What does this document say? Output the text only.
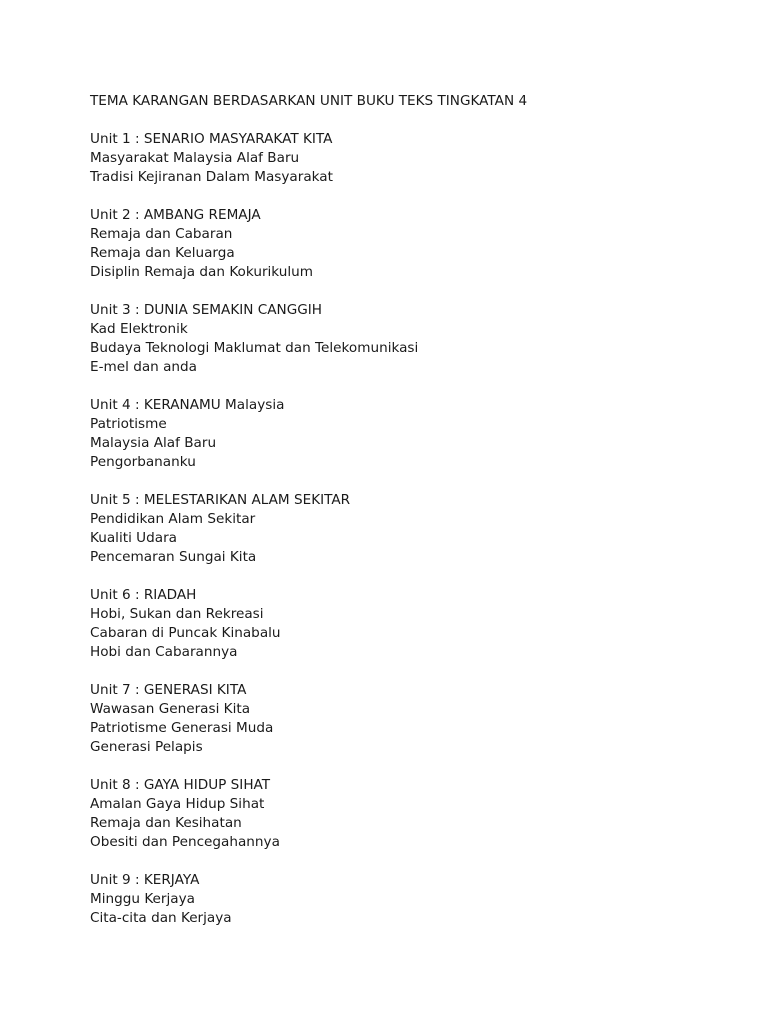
TEMA KARANGAN BERDASARKAN UNIT BUKU TEKS TINGKATAN 4
Unit 1 : SENARIO MASYARAKAT KITA

Masyarakat Malaysia Alaf Baru

Tradisi Kejiranan Dalam Masyarakat

Unit 2 : AMBANG REMAJA

Remaja dan Cabaran

Remaja dan Keluarga

Disiplin Remaja dan Kokurikulum

Unit 3 : DUNIA SEMAKIN CANGGIH

Kad Elektronik

Budaya Teknologi Maklumat dan Telekomunikasi

E-mel dan anda

Unit 4 : KERANAMU Malaysia

Patriotisme

Malaysia Alaf Baru

Pengorbananku

Unit 5 : MELESTARIKAN ALAM SEKITAR

Pendidikan Alam Sekitar

Kualiti Udara

Pencemaran Sungai Kita

Unit 6 : RIADAH

Hobi, Sukan dan Rekreasi

Cabaran di Puncak Kinabalu

Hobi dan Cabarannya

Unit 7 : GENERASI KITA

Wawasan Generasi Kita

Patriotisme Generasi Muda

Generasi Pelapis

Unit 8 : GAYA HIDUP SIHAT

Amalan Gaya Hidup Sihat

Remaja dan Kesihatan

Obesiti dan Pencegahannya

Unit 9 : KERJAYA

Minggu Kerjaya

Cita-cita dan Kerjaya
